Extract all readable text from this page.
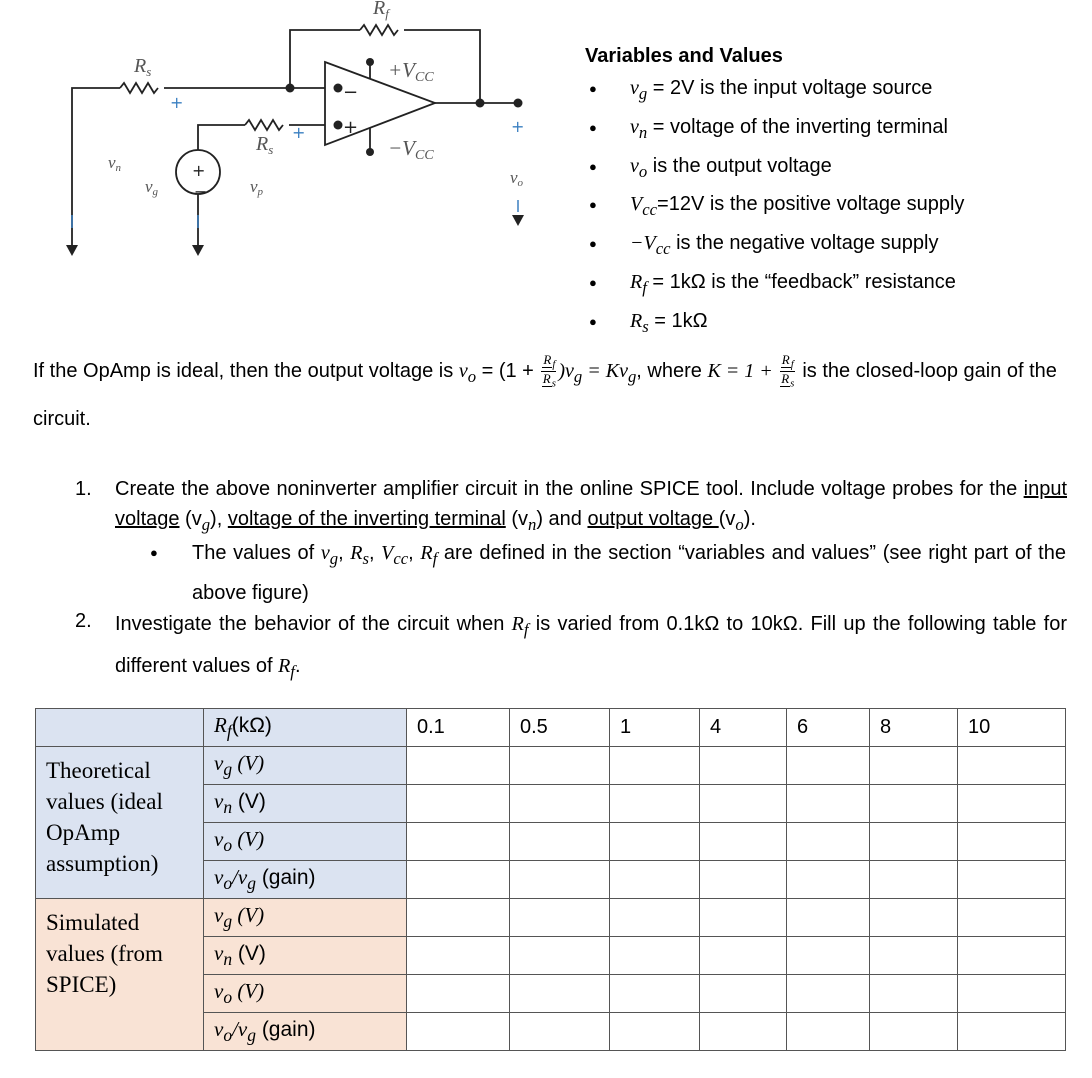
$R_f$
$R_s$
$R_s$
+VCC
−VCC
vn
vg	vp
vo
+
+
+
−
+
−
+
Variables and Values
● $v_g = 2V$ is the input voltage source
● $v_n$ = voltage of the inverting terminal
● $v_o$ is the output voltage
● $V_{cc}=12V$ is the positive voltage supply
● $-V_{cc}$ is the negative voltage supply
● $R_f = 1k\Omega$ is the “feedback” resistance
● $R_s = 1k\Omega$
If the OpAmp is ideal, then the output voltage is $v_o = (1 + \frac{R_f}{R_s} )v_g = Kv_g$, where $K = 1 + \frac{R_f}{R_s}$ is the closed-loop gain of the circuit.
1. Create the above noninverter amplifier circuit in the online SPICE tool. Include voltage probes for the input voltage $(v_g)$, voltage of the inverting terminal $(v_n)$ and output voltage $(v_o)$.
● The values of $v_g$, $R_s$, $V_{cc}$, $R_f$ are defined in the section “variables and values” (see right part of the above figure)
2. Investigate the behavior of the circuit when $R_f$ is varied from 0.1kΩ to 10kΩ. Fill up the following table for different values of $R_f$.
	$R_f(k\Omega)$	0.1	0.5	1	4	6	8	10
Theoretical values (ideal OpAmp assumption)	$v_g$ (V)							
	$v_n$ (V)							
	$v_o$ (V)							
	$v_o/v_g$ (gain)							
Simulated values (from SPICE)	$v_g$ (V)							
	$v_n$ (V)							
	$v_o$ (V)							
	$v_o/v_g$ (gain)							
